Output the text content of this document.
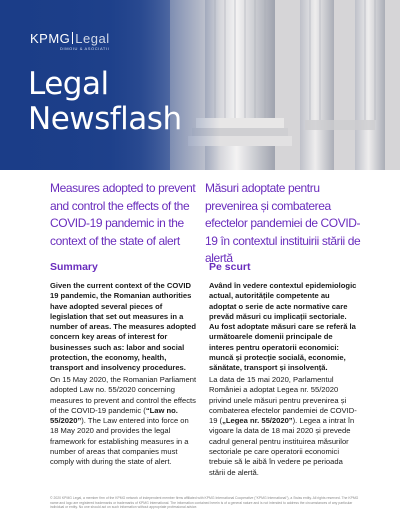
KPMG Legal
DIMOIU & ASOCIATII
Legal
Newsflash
Measures adopted to prevent and control the effects of the COVID-19 pandemic in the context of the state of alert
Măsuri adoptate pentru prevenirea și combaterea efectelor pandemiei de COVID-19 în contextul instituirii stării de alertă
Summary	Pe scurt
Given the current context of the COVID 19 pandemic, the Romanian authorities have adopted several pieces of legislation that set out measures in a number of areas. The measures adopted concern key areas of interest for businesses such as: labor and social protection, the economy, health, transport and insolvency procedures.
Având în vedere contextul epidemiologic actual, autoritățile competente au adoptat o serie de acte normative care prevăd măsuri cu implicații sectoriale. Au fost adoptate măsuri care se referă la următoarele domenii principale de interes pentru operatorii economici: muncă și protecție socială, economie, sănătate, transport și insolvență.
On 15 May 2020, the Romanian Parliament adopted Law no. 55/2020 concerning measures to prevent and control the effects of the COVID-19 pandemic (“Law no. 55/2020”). The Law entered into force on 18 May 2020 and provides the legal framework for establishing measures in a number of areas that companies must comply with during the state of alert.
La data de 15 mai 2020, Parlamentul României a adoptat Legea nr. 55/2020 privind unele măsuri pentru prevenirea și combaterea efectelor pandemiei de COVID-19 („Legea nr. 55/2020”). Legea a intrat în vigoare la data de 18 mai 2020 și prevede cadrul general pentru instituirea măsurilor sectoriale pe care operatorii economici trebuie să le aibă în vedere pe perioada stării de alertă.
© 2020 KPMG Legal, a member firm of the KPMG network of independent member firms affiliated with KPMG International Cooperative ("KPMG International"), a Swiss entity. All rights reserved. The KPMG name and logo are registered trademarks or trademarks of KPMG International. The information contained herein is of a general nature and is not intended to address the circumstances of any particular individual or entity. No one should act on such information without appropriate professional advice.
